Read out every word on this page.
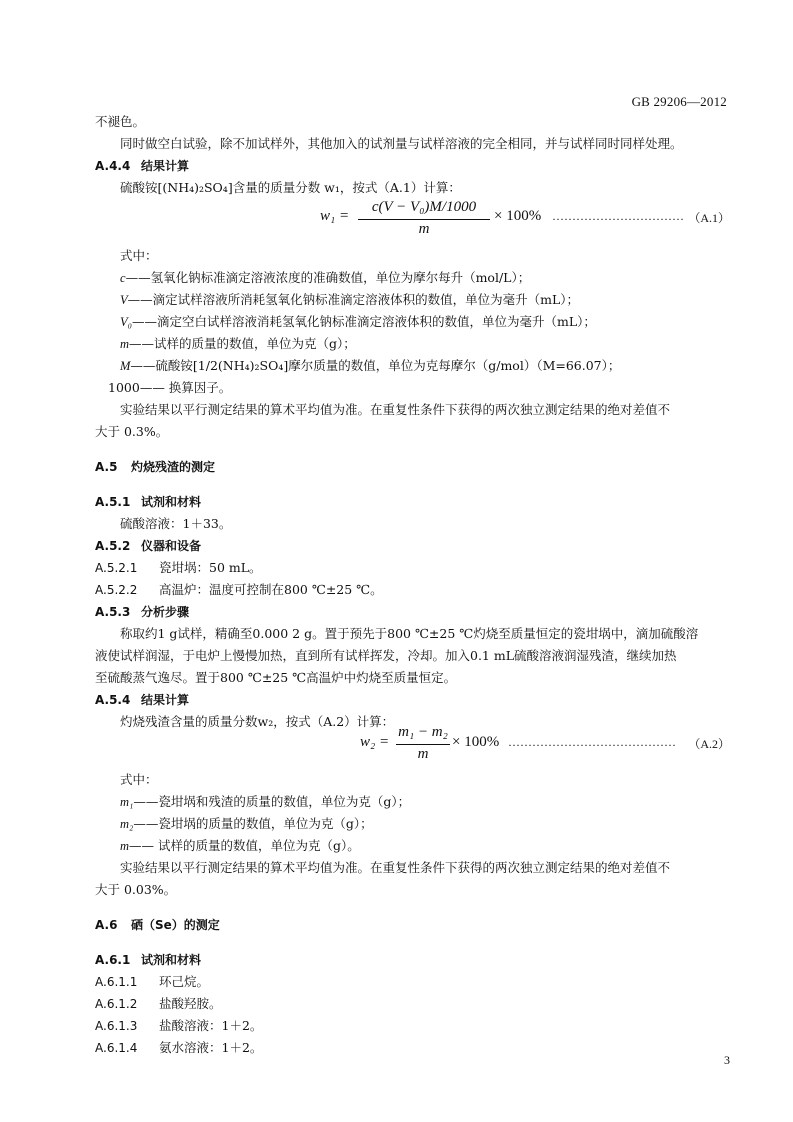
GB 29206—2012
不褪色。
同时做空白试验，除不加试样外，其他加入的试剂量与试样溶液的完全相同，并与试样同时同样处理。
A.4.4 结果计算
硫酸铵[(NH₄)₂SO₄]含量的质量分数 w₁，按式（A.1）计算：
w₁ =
c(V − V₀)M/1000
m
× 100% …………………………… （A.1）
式中：
c——氢氧化钠标准滴定溶液浓度的准确数值，单位为摩尔每升（mol/L）；
V——滴定试样溶液所消耗氢氧化钠标准滴定溶液体积的数值，单位为毫升（mL）；
V₀——滴定空白试样溶液消耗氢氧化钠标准滴定溶液体积的数值，单位为毫升（mL）；
m——试样的质量的数值，单位为克（g）；
M——硫酸铵[1/2(NH₄)₂SO₄]摩尔质量的数值，单位为克每摩尔（g/mol）（M=66.07）；
1000—— 换算因子。
实验结果以平行测定结果的算术平均值为准。在重复性条件下获得的两次独立测定结果的绝对差值不
大于 0.3%。
A.5 灼烧残渣的测定
A.5.1 试剂和材料
硫酸溶液：1＋33。
A.5.2 仪器和设备
A.5.2.1 瓷坩埚：50 mL。
A.5.2.2 高温炉：温度可控制在800 ℃±25 ℃。
A.5.3 分析步骤
称取约1 g试样，精确至0.000 2 g。置于预先于800 ℃±25 ℃灼烧至质量恒定的瓷坩埚中，滴加硫酸溶
液使试样润湿，于电炉上慢慢加热，直到所有试样挥发，冷却。加入0.1 mL硫酸溶液润湿残渣，继续加热
至硫酸蒸气逸尽。置于800 ℃±25 ℃高温炉中灼烧至质量恒定。
A.5.4 结果计算
灼烧残渣含量的质量分数w₂，按式（A.2）计算：
w₂ =
m₁ − m₂
m
× 100% …………………………………… （A.2）
式中：
m₁——瓷坩埚和残渣的质量的数值，单位为克（g）；
m₂——瓷坩埚的质量的数值，单位为克（g）；
m—— 试样的质量的数值，单位为克（g）。
实验结果以平行测定结果的算术平均值为准。在重复性条件下获得的两次独立测定结果的绝对差值不
大于 0.03%。
A.6 硒（Se）的测定
A.6.1 试剂和材料
A.6.1.1 环己烷。
A.6.1.2 盐酸羟胺。
A.6.1.3 盐酸溶液：1＋2。
A.6.1.4 氨水溶液：1＋2。
3
